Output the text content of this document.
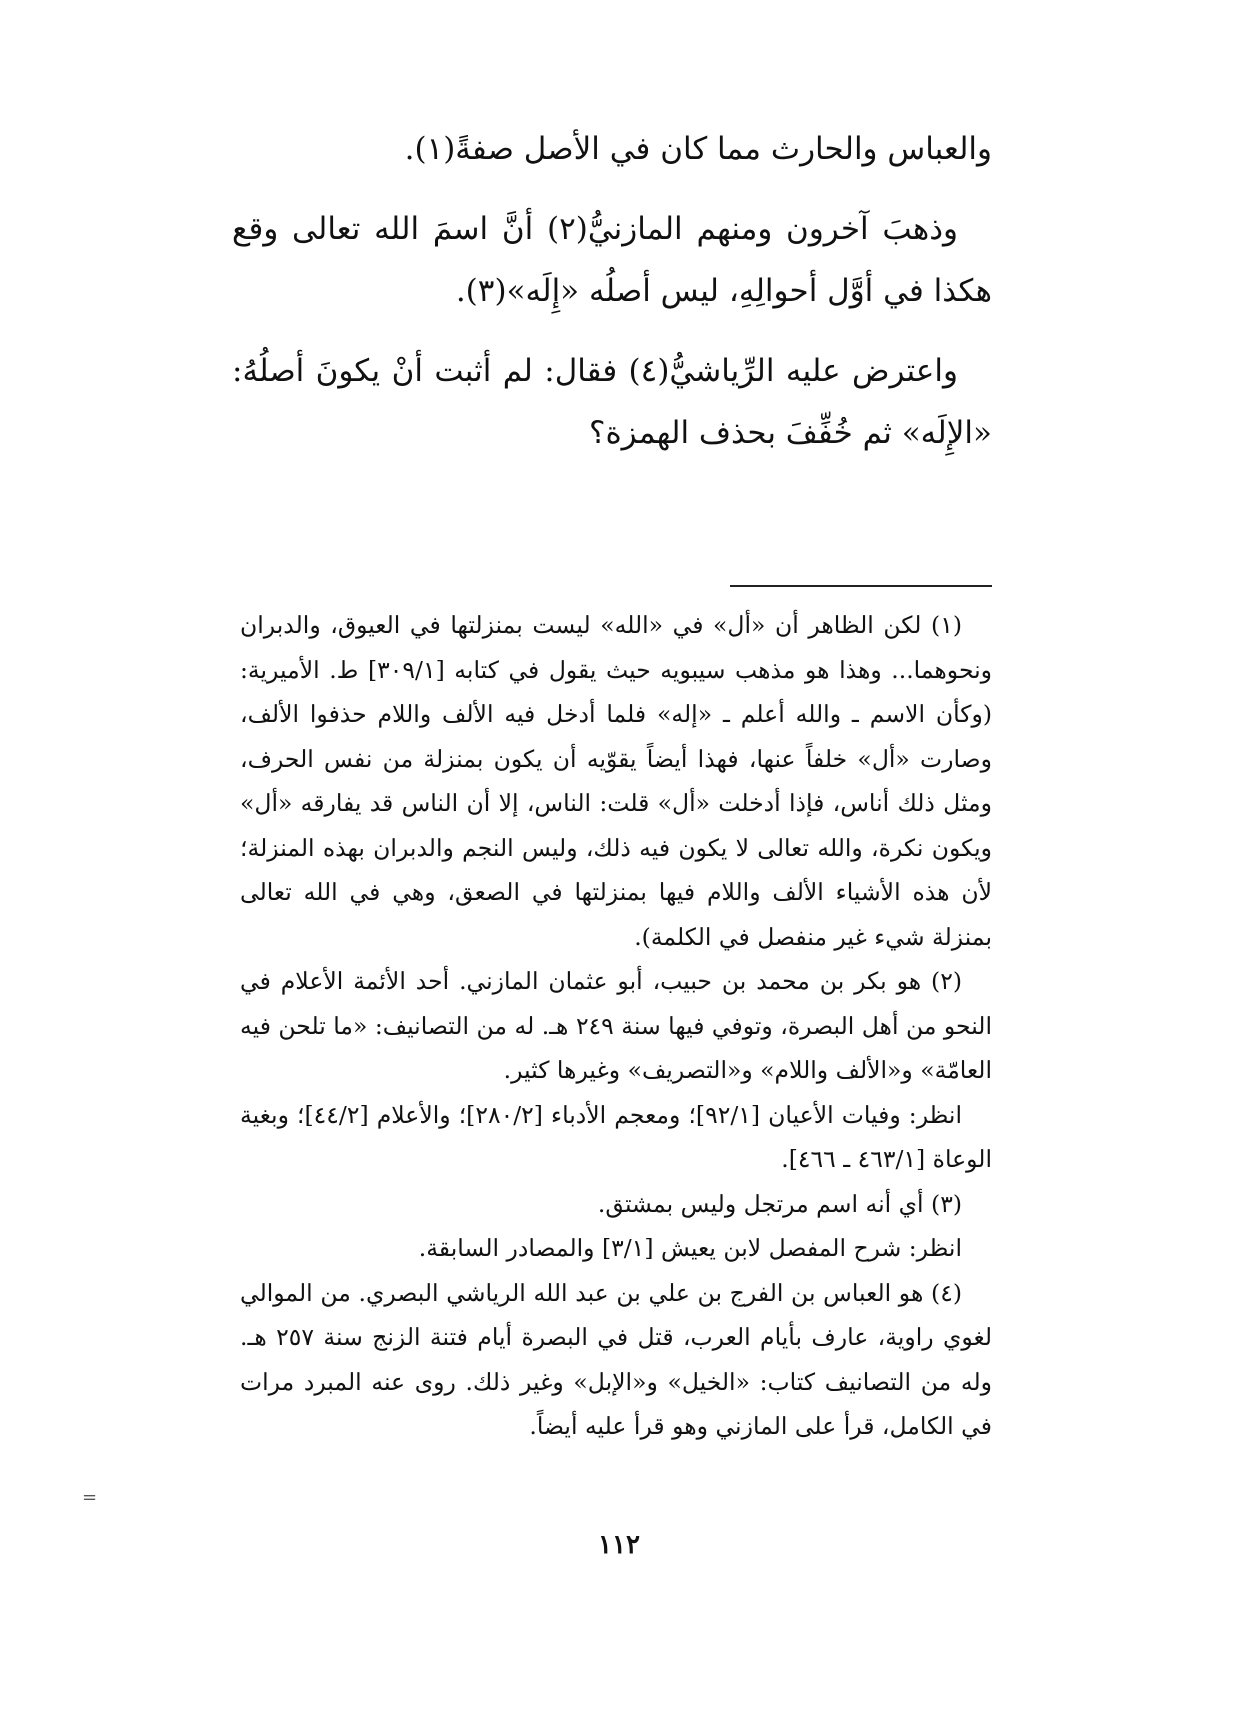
والعباس والحارث مما كان في الأصل صفةً(١).

وذهبَ آخرون ومنهم المازنيُّ(٢) أنَّ اسمَ الله تعالى وقع هكذا في أوَّل أحوالِهِ، ليس أصلُه «إِلَه»(٣).

واعترض عليه الرِّياشيُّ(٤) فقال: لم أثبت أنْ يكونَ أصلُهُ: «الإِلَه» ثم خُفِّفَ بحذف الهمزة؟

(١) لكن الظاهر أن «أل» في «الله» ليست بمنزلتها في العيوق، والدبران ونحوهما... وهذا هو مذهب سيبويه حيث يقول في كتابه [٣٠٩/١] ط. الأميرية: (وكأن الاسم ـ والله أعلم ـ «إله» فلما أدخل فيه الألف واللام حذفوا الألف، وصارت «أل» خلفاً عنها، فهذا أيضاً يقوّيه أن يكون بمنزلة من نفس الحرف، ومثل ذلك أناس، فإذا أدخلت «أل» قلت: الناس، إلا أن الناس قد يفارقه «أل» ويكون نكرة، والله تعالى لا يكون فيه ذلك، وليس النجم والدبران بهذه المنزلة؛ لأن هذه الأشياء الألف واللام فيها بمنزلتها في الصعق، وهي في الله تعالى بمنزلة شيء غير منفصل في الكلمة).

(٢) هو بكر بن محمد بن حبيب، أبو عثمان المازني. أحد الأئمة الأعلام في النحو من أهل البصرة، وتوفي فيها سنة ٢٤٩ هـ. له من التصانيف: «ما تلحن فيه العامّة» و«الألف واللام» و«التصريف» وغيرها كثير.

انظر: وفيات الأعيان [٩٢/١]؛ ومعجم الأدباء [٢٨٠/٢]؛ والأعلام [٤٤/٢]؛ وبغية الوعاة [٤٦٣/١ ـ ٤٦٦].

(٣) أي أنه اسم مرتجل وليس بمشتق.

انظر: شرح المفصل لابن يعيش [٣/١] والمصادر السابقة.

(٤) هو العباس بن الفرج بن علي بن عبد الله الرياشي البصري. من الموالي لغوي راوية، عارف بأيام العرب، قتل في البصرة أيام فتنة الزنج سنة ٢٥٧ هـ. وله من التصانيف كتاب: «الخيل» و«الإبل» وغير ذلك. روى عنه المبرد مرات في الكامل، قرأ على المازني وهو قرأ عليه أيضاً.

=
١١٢
